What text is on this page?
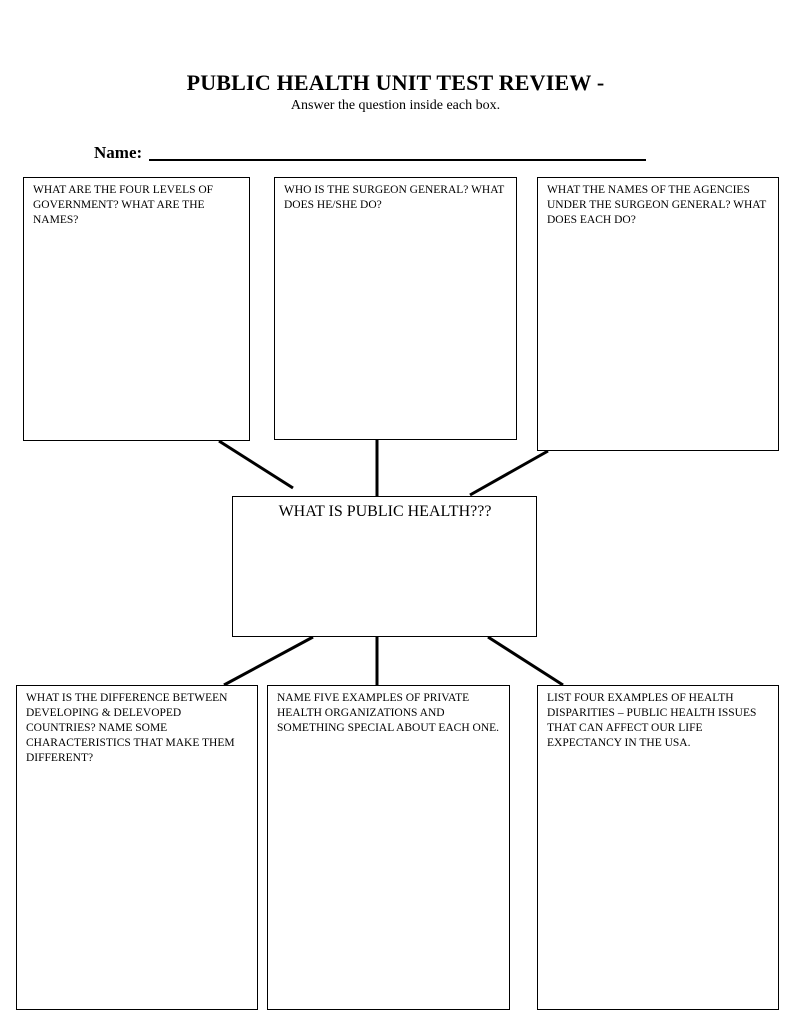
PUBLIC HEALTH UNIT TEST REVIEW -
Answer the question inside each box.
Name:
WHAT ARE THE FOUR LEVELS OF GOVERNMENT? WHAT ARE THE NAMES?
WHO IS THE SURGEON GENERAL? WHAT DOES HE/SHE DO?
WHAT THE NAMES OF THE AGENCIES UNDER THE SURGEON GENERAL? WHAT DOES EACH DO?
WHAT IS PUBLIC HEALTH???
WHAT IS THE DIFFERENCE BETWEEN DEVELOPING & DELEVOPED COUNTRIES? NAME SOME CHARACTERISTICS THAT MAKE THEM DIFFERENT?
NAME FIVE EXAMPLES OF PRIVATE HEALTH ORGANIZATIONS AND SOMETHING SPECIAL ABOUT EACH ONE.
LIST FOUR EXAMPLES OF HEALTH DISPARITIES – PUBLIC HEALTH ISSUES THAT CAN AFFECT OUR LIFE EXPECTANCY IN THE USA.
